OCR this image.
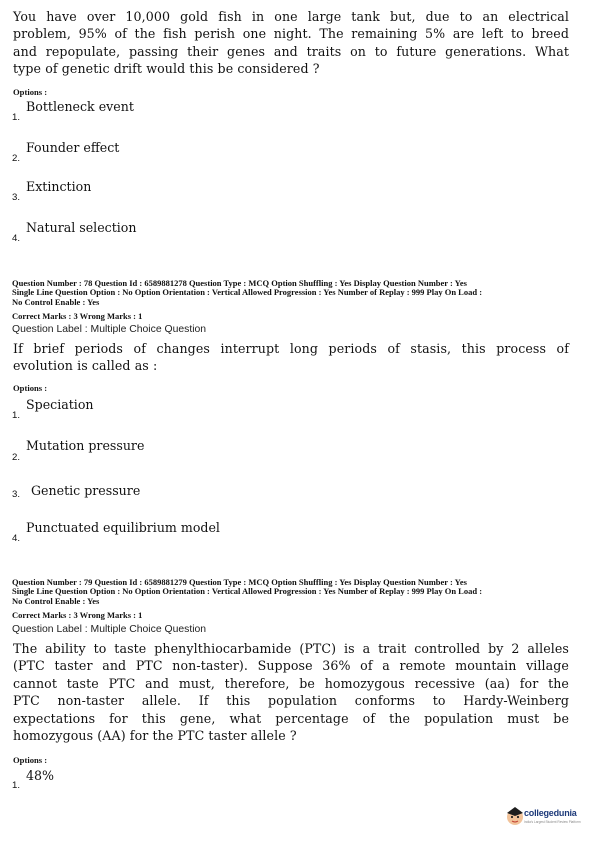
You have over 10,000 gold fish in one large tank but, due to an electrical
problem, 95% of the fish perish one night. The remaining 5% are left to breed
and repopulate, passing their genes and traits on to future generations. What
type of genetic drift would this be considered ?
Options :
Bottleneck event
1.
Founder effect
2.
Extinction
3.
Natural selection
4.
Question Number : 78 Question Id : 6589881278 Question Type : MCQ Option Shuffling : Yes Display Question Number : Yes
Single Line Question Option : No Option Orientation : Vertical Allowed Progression : Yes Number of Replay : 999 Play On Load :
No Control Enable : Yes
Correct Marks : 3 Wrong Marks : 1
Question Label : Multiple Choice Question
If brief periods of changes interrupt long periods of stasis, this process of
evolution is called as :
Options :
Speciation
1.
Mutation pressure
2.
Genetic pressure
3.
Punctuated equilibrium model
4.
Question Number : 79 Question Id : 6589881279 Question Type : MCQ Option Shuffling : Yes Display Question Number : Yes
Single Line Question Option : No Option Orientation : Vertical Allowed Progression : Yes Number of Replay : 999 Play On Load :
No Control Enable : Yes
Correct Marks : 3 Wrong Marks : 1
Question Label : Multiple Choice Question
The ability to taste phenylthiocarbamide (PTC) is a trait controlled by 2 alleles
(PTC taster and PTC non-taster). Suppose 36% of a remote mountain village
cannot taste PTC and must, therefore, be homozygous recessive (aa) for the
PTC non-taster allele. If this population conforms to Hardy-Weinberg
expectations for this gene, what percentage of the population must be
homozygous (AA) for the PTC taster allele ?
Options :
48%
1.
collegedunia
India's Largest Student Review Platform
